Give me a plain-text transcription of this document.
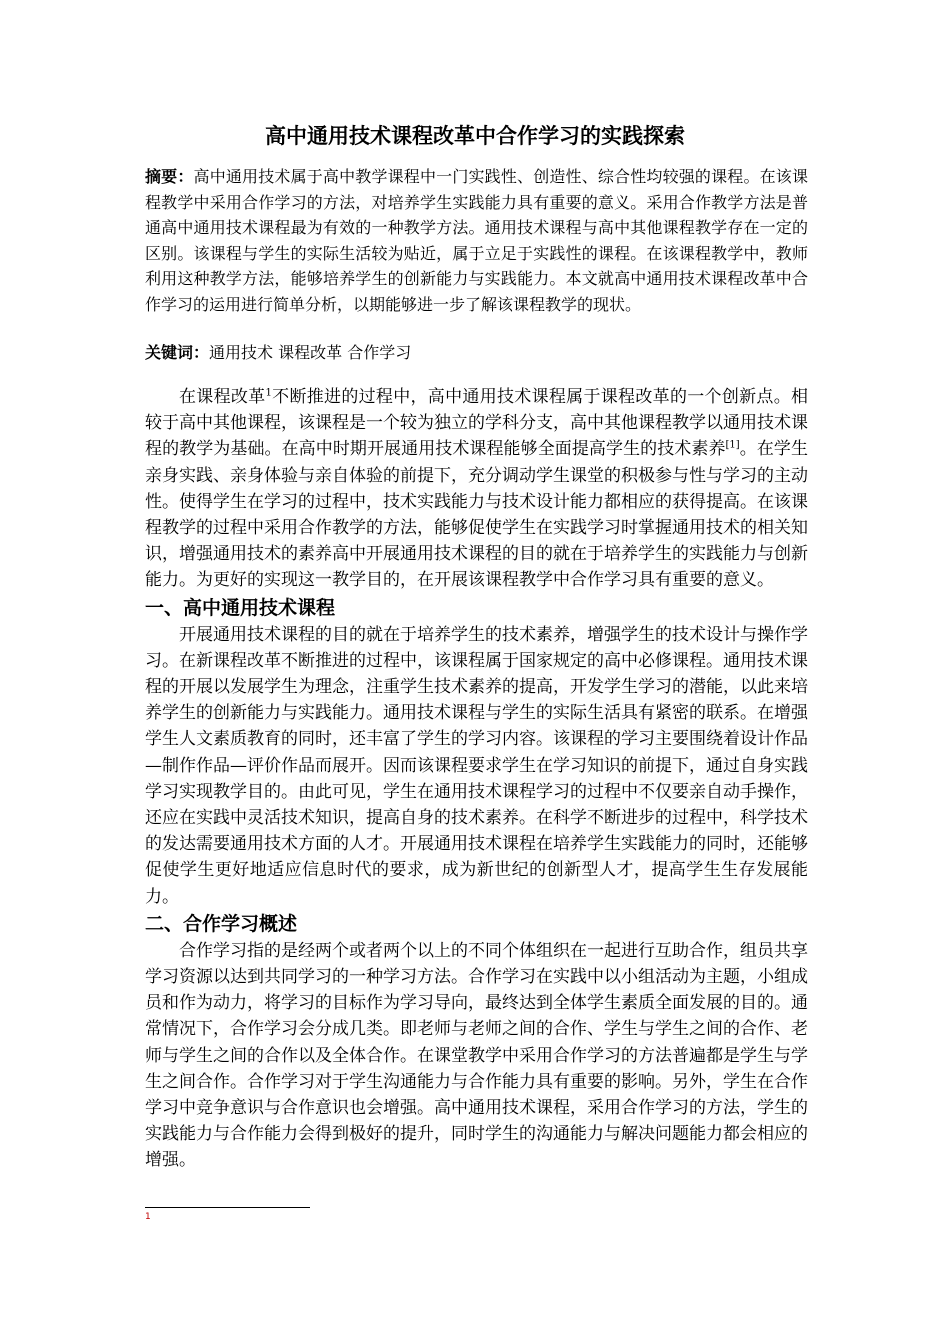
高中通用技术课程改革中合作学习的实践探索

摘要：高中通用技术属于高中教学课程中一门实践性、创造性、综合性均较强的课程。在该课程教学中采用合作学习的方法，对培养学生实践能力具有重要的意义。采用合作教学方法是普通高中通用技术课程最为有效的一种教学方法。通用技术课程与高中其他课程教学存在一定的区别。该课程与学生的实际生活较为贴近，属于立足于实践性的课程。在该课程教学中，教师利用这种教学方法，能够培养学生的创新能力与实践能力。本文就高中通用技术课程改革中合作学习的运用进行简单分析，以期能够进一步了解该课程教学的现状。

关键词：通用技术 课程改革 合作学习

在课程改革$^1$不断推进的过程中，高中通用技术课程属于课程改革的一个创新点。相较于高中其他课程，该课程是一个较为独立的学科分支，高中其他课程教学以通用技术课程的教学为基础。在高中时期开展通用技术课程能够全面提高学生的技术素养[1]。在学生亲身实践、亲身体验与亲自体验的前提下，充分调动学生课堂的积极参与性与学习的主动性。使得学生在学习的过程中，技术实践能力与技术设计能力都相应的获得提高。在该课程教学的过程中采用合作教学的方法，能够促使学生在实践学习时掌握通用技术的相关知识，增强通用技术的素养高中开展通用技术课程的目的就在于培养学生的实践能力与创新能力。为更好的实现这一教学目的，在开展该课程教学中合作学习具有重要的意义。

一、高中通用技术课程

开展通用技术课程的目的就在于培养学生的技术素养，增强学生的技术设计与操作学习。在新课程改革不断推进的过程中，该课程属于国家规定的高中必修课程。通用技术课程的开展以发展学生为理念，注重学生技术素养的提高，开发学生学习的潜能，以此来培养学生的创新能力与实践能力。通用技术课程与学生的实际生活具有紧密的联系。在增强学生人文素质教育的同时，还丰富了学生的学习内容。该课程的学习主要围绕着设计作品—制作作品—评价作品而展开。因而该课程要求学生在学习知识的前提下，通过自身实践学习实现教学目的。由此可见，学生在通用技术课程学习的过程中不仅要亲自动手操作，还应在实践中灵活技术知识，提高自身的技术素养。在科学不断进步的过程中，科学技术的发达需要通用技术方面的人才。开展通用技术课程在培养学生实践能力的同时，还能够促使学生更好地适应信息时代的要求，成为新世纪的创新型人才，提高学生生存发展能力。

二、合作学习概述

合作学习指的是经两个或者两个以上的不同个体组织在一起进行互助合作，组员共享学习资源以达到共同学习的一种学习方法。合作学习在实践中以小组活动为主题，小组成员和作为动力，将学习的目标作为学习导向，最终达到全体学生素质全面发展的目的。通常情况下，合作学习会分成几类。即老师与老师之间的合作、学生与学生之间的合作、老师与学生之间的合作以及全体合作。在课堂教学中采用合作学习的方法普遍都是学生与学生之间合作。合作学习对于学生沟通能力与合作能力具有重要的影响。另外，学生在合作学习中竞争意识与合作意识也会增强。高中通用技术课程，采用合作学习的方法，学生的实践能力与合作能力会得到极好的提升，同时学生的沟通能力与解决问题能力都会相应的增强。

1
